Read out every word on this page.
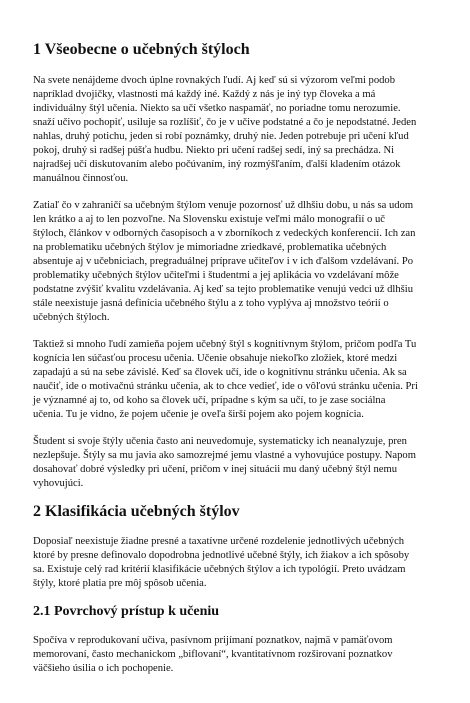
1 Všeobecne o učebných štýloch
Na svete nenájdeme dvoch úplne rovnakých ľudí. Aj keď sú si výzorom veľmi podob
napríklad dvojičky, vlastnosti má každý iné. Každý z nás je iný typ človeka a má
individuálny štýl učenia. Niekto sa učí všetko naspamäť, no poriadne tomu nerozumie.
snaží učivo pochopiť, usiluje sa rozlíšiť, čo je v učive podstatné a čo je nepodstatné. Jeden
nahlas, druhý potichu, jeden si robí poznámky, druhý nie. Jeden potrebuje pri učení kľud
pokoj, druhý si radšej púšťa hudbu. Niekto pri učení radšej sedí, iný sa prechádza. Ni
najradšej učí diskutovaním alebo počúvaním, iný rozmýšľaním, ďalší kladením otázok
manuálnou činnosťou.
Zatiaľ čo v zahraničí sa učebným štýlom venuje pozornosť už dlhšiu dobu, u nás sa udom
len krátko a aj to len pozvoľne. Na Slovensku existuje veľmi málo monografií o uč
štýloch, článkov v odborných časopisoch a v zborníkoch z vedeckých konferencií. Ich zan
na problematiku učebných štýlov je mimoriadne zriedkavé, problematika učebných
absentuje aj v učebniciach, pregraduálnej príprave učiteľov i v ich ďalšom vzdelávaní. Po
problematiky učebných štýlov učiteľmi i študentmi a jej aplikácia vo vzdelávaní môže
podstatne zvýšiť kvalitu vzdelávania. Aj keď sa tejto problematike venujú vedci už dlhšiu
stále neexistuje jasná definícia učebného štýlu a z toho vyplýva aj množstvo teórií o
učebných štýloch.
Taktiež si mnoho ľudí zamieňa pojem učebný štýl s kognitívnym štýlom, pričom podľa Tu
kognícia len súčasťou procesu učenia. Učenie obsahuje niekoľko zložiek, ktoré medzi
zapadajú a sú na sebe závislé. Keď sa človek učí, ide o kognitívnu stránku učenia. Ak sa
naučiť, ide o motivačnú stránku učenia, ak to chce vedieť, ide o vôľovú stránku učenia. Pri
je významné aj to, od koho sa človek učí, prípadne s kým sa učí, to je zase sociálna
učenia. Tu je vidno, že pojem učenie je oveľa širší pojem ako pojem kognícia.
Študent si svoje štýly učenia často ani neuvedomuje, systematicky ich neanalyzuje, pren
nezlepšuje. Štýly sa mu javia ako samozrejmé jemu vlastné a vyhovujúce postupy. Napom
dosahovať dobré výsledky pri učení, pričom v inej situácii mu daný učebný štýl nemu
vyhovujúci.
2 Klasifikácia učebných štýlov
Doposiaľ neexistuje žiadne presné a taxatívne určené rozdelenie jednotlivých učebných
ktoré by presne definovalo dopodrobna jednotlivé učebné štýly, ich žiakov a ich spôsoby
sa. Existuje celý rad kritérií klasifikácie učebných štýlov a ich typológií. Preto uvádzam
štýly, ktoré platia pre môj spôsob učenia.
2.1 Povrchový prístup k učeniu
Spočíva v reprodukovaní učiva, pasívnom prijímaní poznatkov, najmä v pamäťovom
memorovaní, často mechanickom „biflovaní“, kvantitatívnom rozširovaní poznatkov
väčšieho úsilia o ich pochopenie.
